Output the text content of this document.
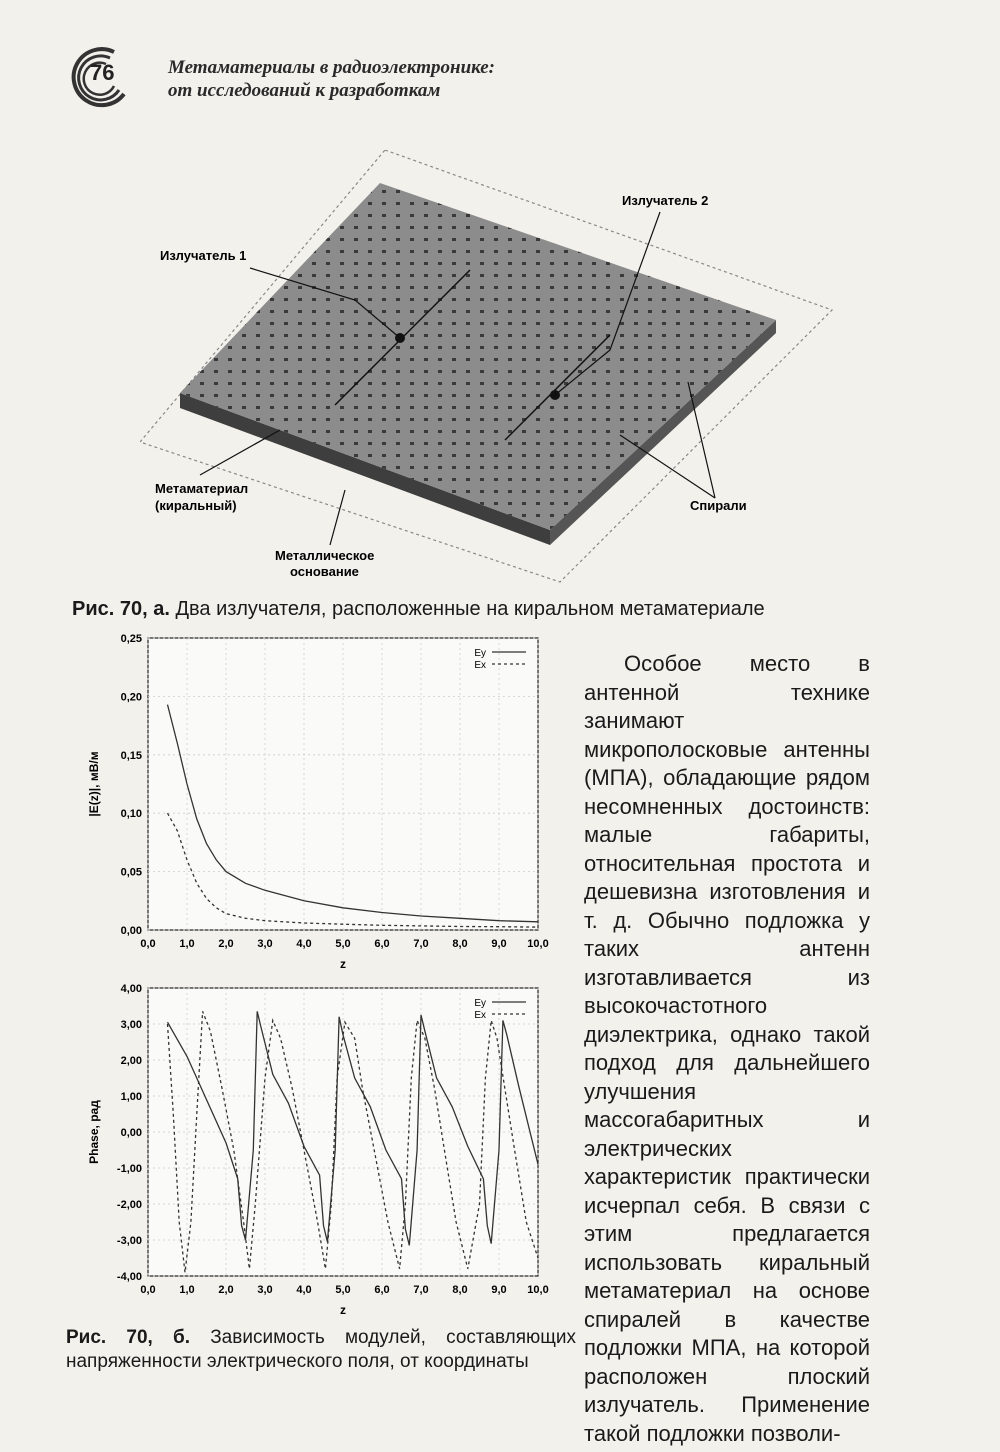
76	Метаматериалы в радиоэлектронике:
от исследований к разработкам
Излучатель 1
Излучатель 2
Метаматериал
(киральный)	Спирали
Металлическое
основание
Рис. 70, а. Два излучателя, расположенные на киральном метаматериале
0,0 1,0 2,0 3,0 4,0 5,0 6,0 7,0 8,0 9,0 10,0
0,00
0,05
0,10
0,15
0,20
0,25
z
|E(z)|, мВ/м
Ey
Ex
0,0 1,0 2,0 3,0 4,0 5,0 6,0 7,0 8,0 9,0 10,0
-4,00
-3,00
-2,00
-1,00
0,00
1,00
2,00
3,00
4,00
z
Phase, рад
Ey
Ex
Рис. 70, б. Зависимость модулей, составляющих напряженности электрического поля, от координаты

Особое место в антенной технике занимают микрополосковые антенны (МПА), обладающие рядом несомненных достоинств: малые габариты, относительная простота и дешевизна изготовления и т. д. Обычно подложка у таких антенн изготавливается из высокочастотного диэлектрика, однако такой подход для дальнейшего улучшения массогабаритных и электрических характеристик практически исчерпал себя. В связи с этим предлагается использовать киральный метаматериал на основе спиралей в качестве подложки МПА, на которой расположен плоский излучатель. Применение такой подложки позволи-
